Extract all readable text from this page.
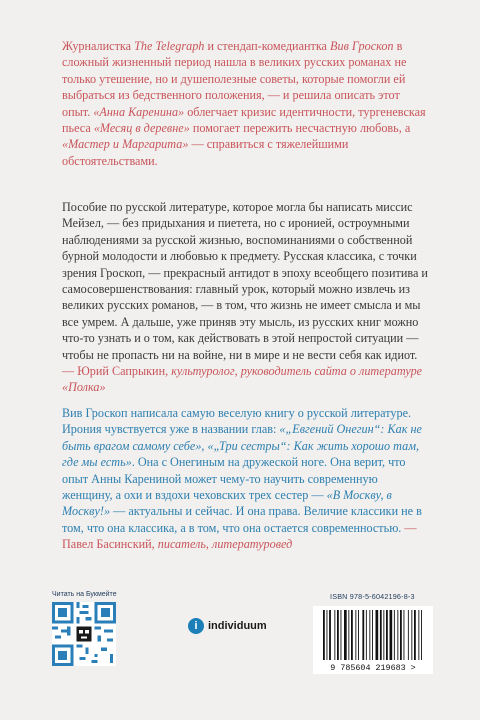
Журналистка The Telegraph и стендап-комедиантка Вив Гроскоп в сложный жизненный период нашла в великих русских романах не только утешение, но и душеполезные советы, которые помогли ей выбраться из бедственного положения, — и решила описать этот опыт. «Анна Каренина» облегчает кризис идентичности, тургеневская пьеса «Месяц в деревне» помогает пережить несчастную любовь, а «Мастер и Маргарита» — справиться с тяжелейшими обстоятельствами.
Пособие по русской литературе, которое могла бы написать миссис Мейзел, — без придыхания и пиетета, но с иронией, остроумными наблюдениями за русской жизнью, воспоминаниями о собственной бурной молодости и любовью к предмету. Русская классика, с точки зрения Гроскоп, — прекрасный антидот в эпоху всеобщего позитива и самосовершенствования: главный урок, который можно извлечь из великих русских романов, — в том, что жизнь не имеет смысла и мы все умрем. А дальше, уже приняв эту мысль, из русских книг можно что-то узнать и о том, как действовать в этой непростой ситуации — чтобы не пропасть ни на войне, ни в мире и не вести себя как идиот. — Юрий Сапрыкин, культуролог, руководитель сайта о литературе «Полка»
Вив Гроскоп написала самую веселую книгу о русской литературе. Ирония чувствуется уже в названии глав: «„Евгений Онегин“: Как не быть врагом самому себе», «„Три сестры“: Как жить хорошо там, где мы есть». Она с Онегиным на дружеской ноге. Она верит, что опыт Анны Карениной может чему-то научить современную женщину, а охи и вздохи чеховских трех сестер — «В Москву, в Москву!» — актуальны и сейчас. И она права. Величие классики не в том, что она классика, а в том, что она остается современностью. — Павел Басинский, писатель, литературовед
Читать на Букмейте
i individuum
ISBN 978-5-6042196-8-3
9 785604 219683 >
